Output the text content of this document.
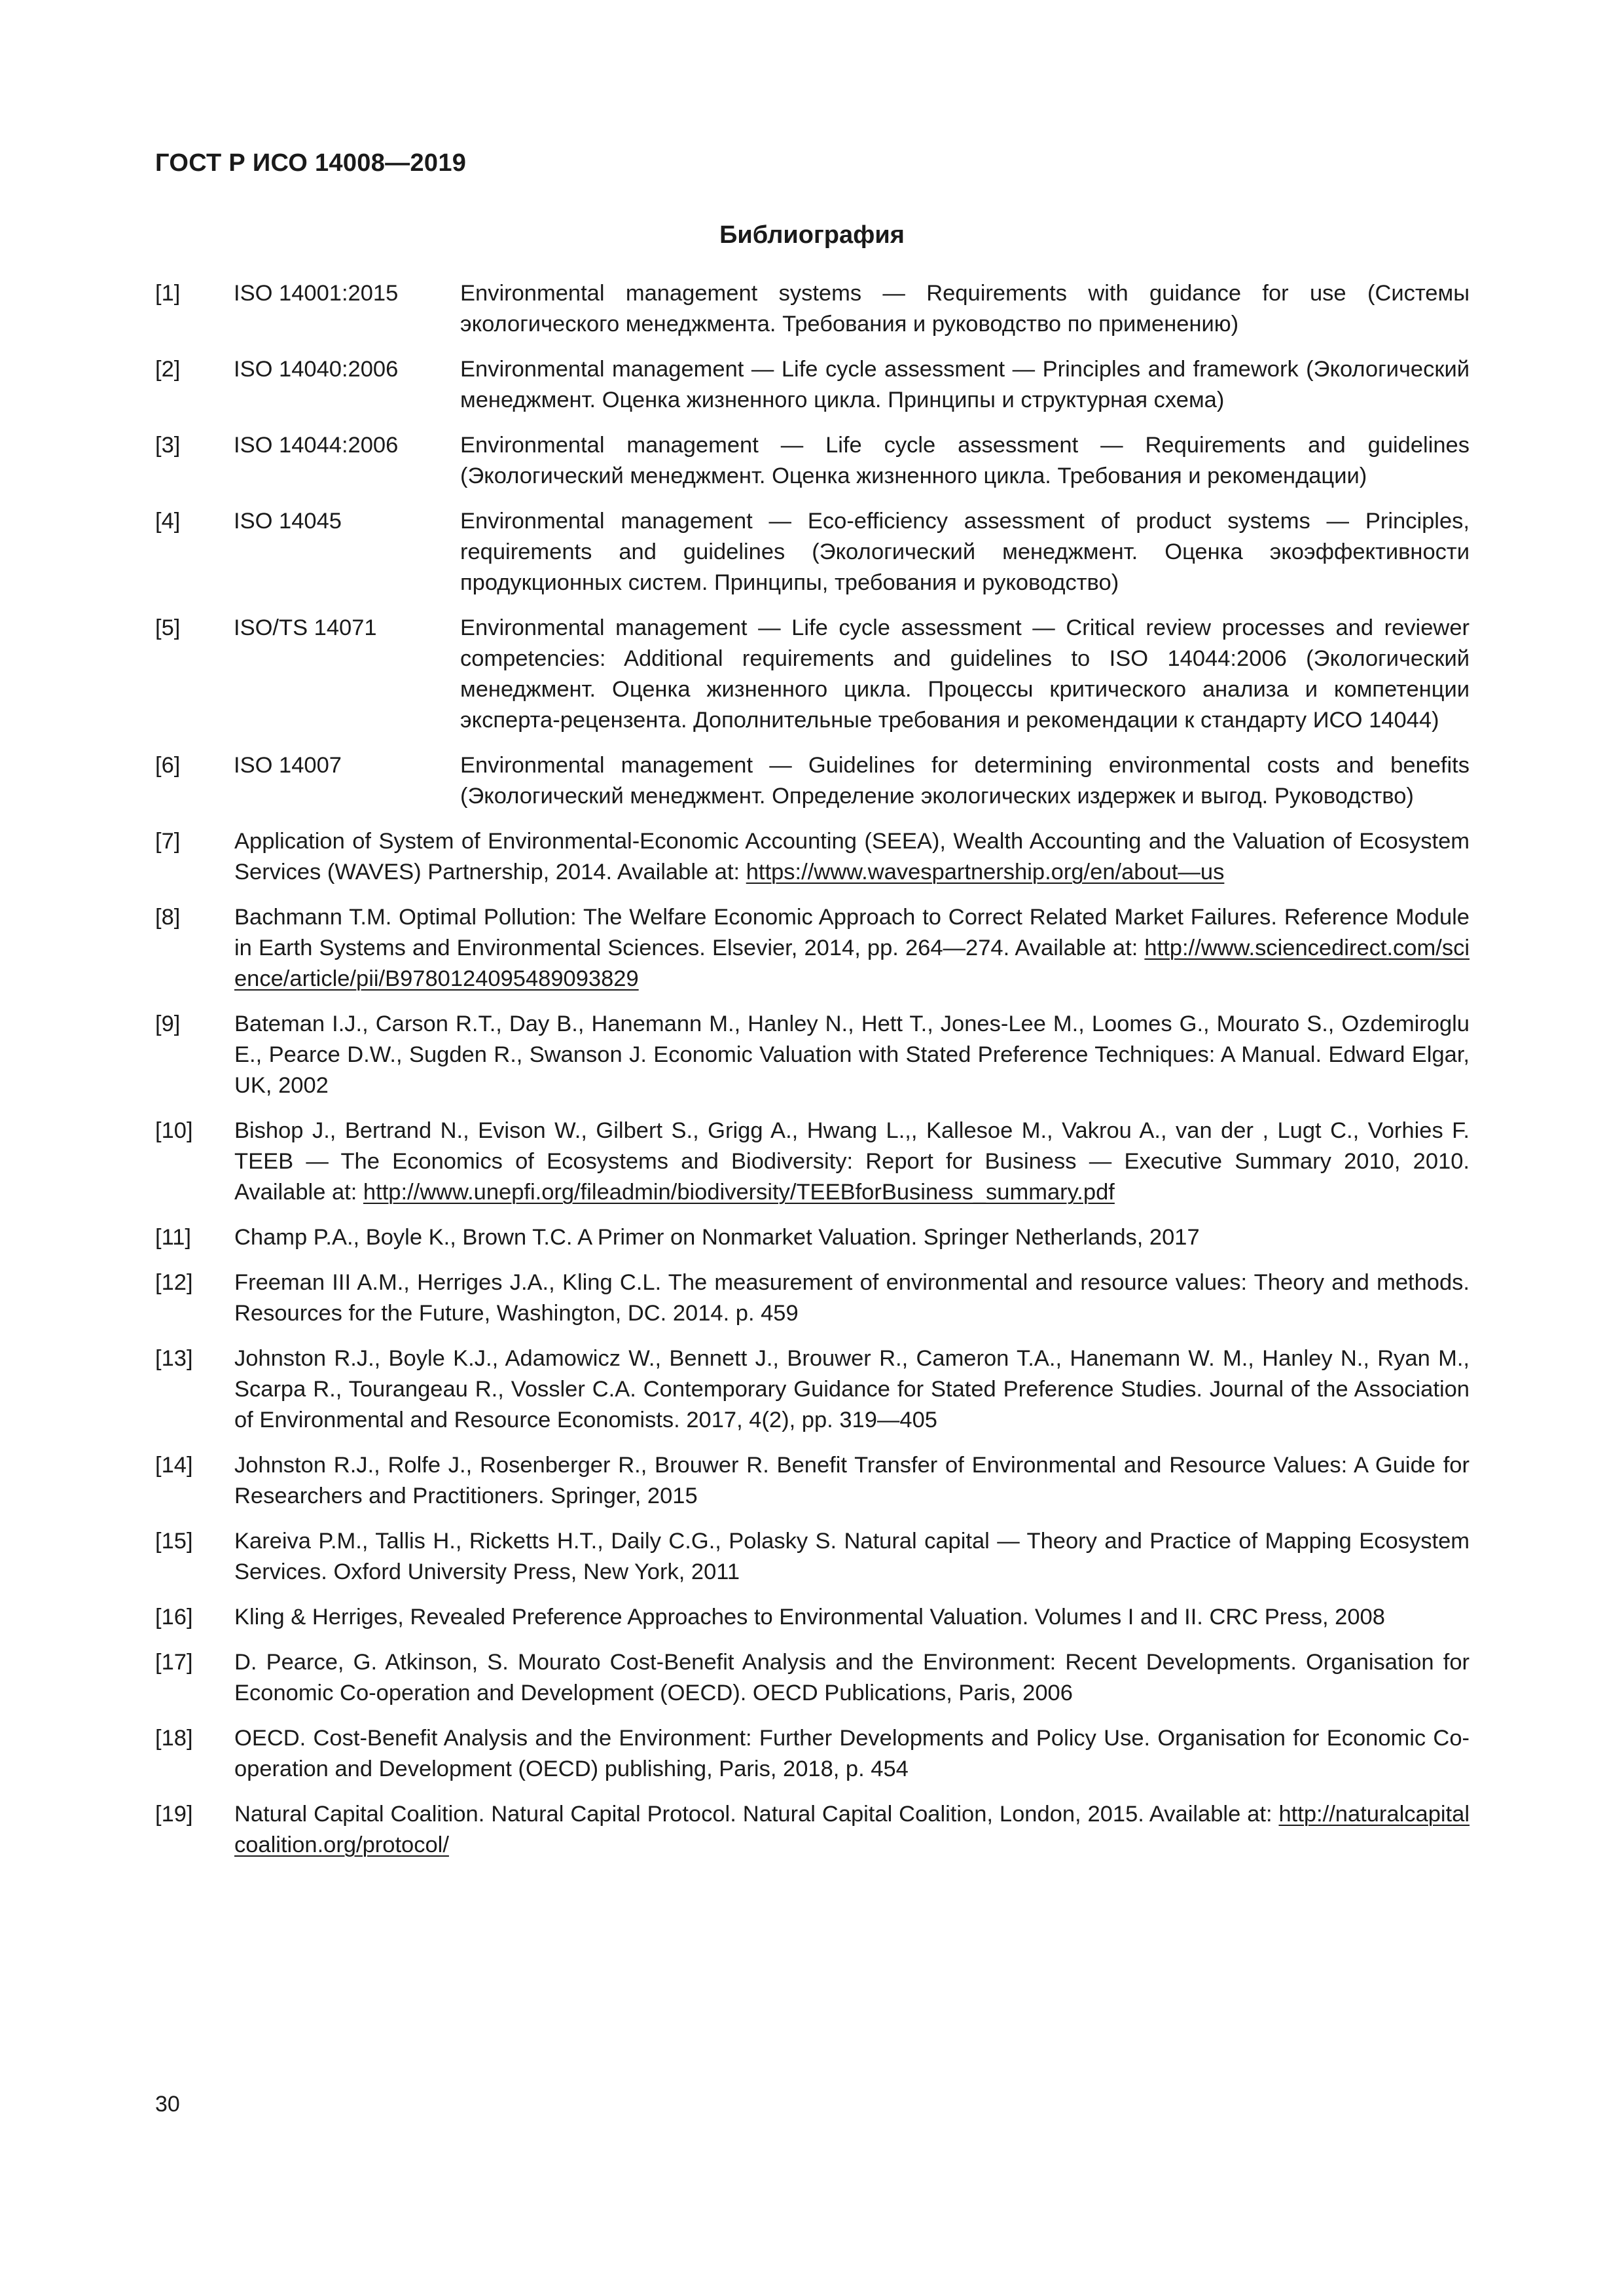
ГОСТ Р ИСО 14008—2019
Библиография
[1] ISO 14001:2015	Environmental management systems — Requirements with guidance for use (Системы экологического менеджмента. Требования и руководство по применению)
[2] ISO 14040:2006	Environmental management — Life cycle assessment — Principles and framework (Экологический менеджмент. Оценка жизненного цикла. Принципы и структурная схема)
[3] ISO 14044:2006	Environmental management — Life cycle assessment — Requirements and guidelines (Экологический менеджмент. Оценка жизненного цикла. Требования и рекомендации)
[4] ISO 14045	Environmental management — Eco-efficiency assessment of product systems — Principles, requirements and guidelines (Экологический менеджмент. Оценка экоэффективности продукционных систем. Принципы, требования и руководство)
[5] ISO/TS 14071	Environmental management — Life cycle assessment — Critical review processes and reviewer competencies: Additional requirements and guidelines to ISO 14044:2006 (Экологический менеджмент. Оценка жизненного цикла. Процессы критического анализа и компетенции эксперта-рецензента. Дополнительные требования и рекомендации к стандарту ИСО 14044)
[6] ISO 14007	Environmental management — Guidelines for determining environmental costs and benefits (Экологический менеджмент. Определение экологических издержек и выгод. Руководство)
[7] Application of System of Environmental-Economic Accounting (SEEA), Wealth Accounting and the Valuation of Ecosystem Services (WAVES) Partnership, 2014. Available at: https://www.wavespartnership.org/en/about—us
[8] Bachmann T.M. Optimal Pollution: The Welfare Economic Approach to Correct Related Market Failures. Reference Module in Earth Systems and Environmental Sciences. Elsevier, 2014, pp. 264—274. Available at: http://www.sciencedirect.com/science/article/pii/B9780124095489093829
[9] Bateman I.J., Carson R.T., Day B., Hanemann M., Hanley N., Hett T., Jones-Lee M., Loomes G., Mourato S., Ozdemiroglu E., Pearce D.W., Sugden R., Swanson J. Economic Valuation with Stated Preference Techniques: A Manual. Edward Elgar, UK, 2002
[10] Bishop J., Bertrand N., Evison W., Gilbert S., Grigg A., Hwang L.,, Kallesoe M., Vakrou A., van der , Lugt C., Vorhies F. TEEB — The Economics of Ecosystems and Biodiversity: Report for Business — Executive Summary 2010, 2010. Available at: http://www.unepfi.org/fileadmin/biodiversity/TEEBforBusiness_summary.pdf
[11] Champ P.A., Boyle K., Brown T.C. A Primer on Nonmarket Valuation. Springer Netherlands, 2017
[12] Freeman III A.M., Herriges J.A., Kling C.L. The measurement of environmental and resource values: Theory and methods. Resources for the Future, Washington, DC. 2014. p. 459
[13] Johnston R.J., Boyle K.J., Adamowicz W., Bennett J., Brouwer R., Cameron T.A., Hanemann W. M., Hanley N., Ryan M., Scarpa R., Tourangeau R., Vossler C.A. Contemporary Guidance for Stated Preference Studies. Journal of the Association of Environmental and Resource Economists. 2017, 4(2), pp. 319—405
[14] Johnston R.J., Rolfe J., Rosenberger R., Brouwer R. Benefit Transfer of Environmental and Resource Values: A Guide for Researchers and Practitioners. Springer, 2015
[15] Kareiva P.M., Tallis H., Ricketts H.T., Daily C.G., Polasky S. Natural capital — Theory and Practice of Mapping Ecosystem Services. Oxford University Press, New York, 2011
[16] Kling & Herriges, Revealed Preference Approaches to Environmental Valuation. Volumes I and II. CRC Press, 2008
[17] D. Pearce, G. Atkinson, S. Mourato Cost-Benefit Analysis and the Environment: Recent Developments. Organisation for Economic Co-operation and Development (OECD). OECD Publications, Paris, 2006
[18] OECD. Cost-Benefit Analysis and the Environment: Further Developments and Policy Use. Organisation for Economic Co-operation and Development (OECD) publishing, Paris, 2018, p. 454
[19] Natural Capital Coalition. Natural Capital Protocol. Natural Capital Coalition, London, 2015. Available at: http://naturalcapitalcoalition.org/protocol/
30
